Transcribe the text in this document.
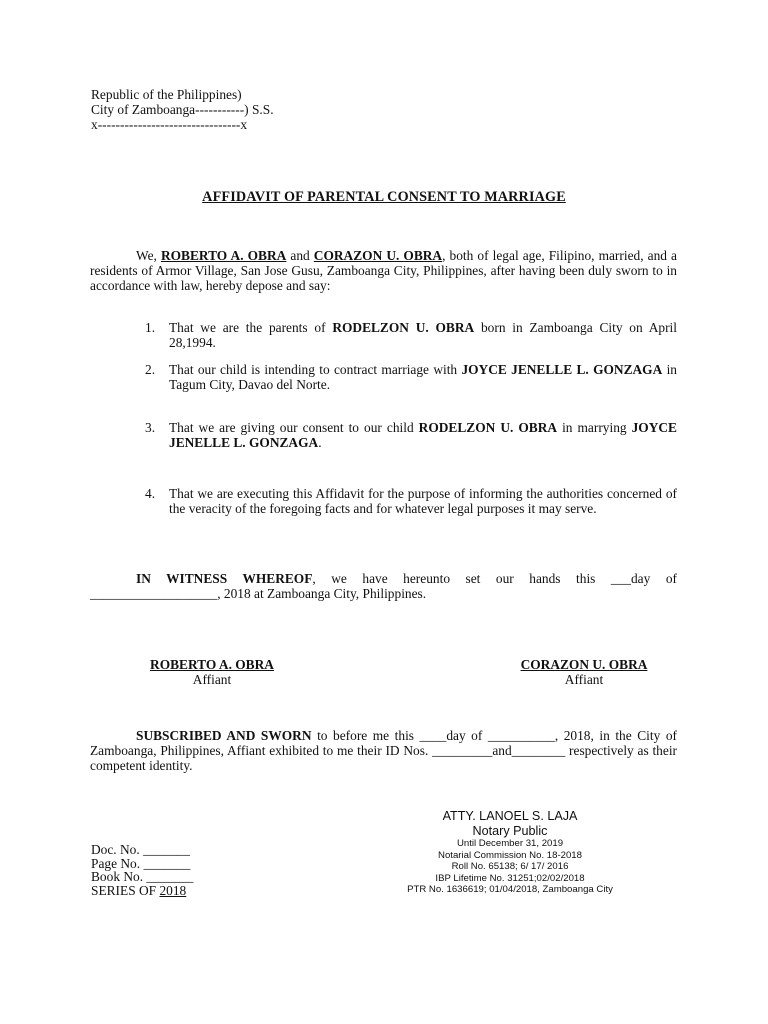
Republic of the Philippines)
City of Zamboanga-----------) S.S.
x--------------------------------x
AFFIDAVIT OF PARENTAL CONSENT TO MARRIAGE
We, ROBERTO A. OBRA and CORAZON U. OBRA, both of legal age, Filipino, married, and a residents of Armor Village, San Jose Gusu, Zamboanga City, Philippines, after having been duly sworn to in accordance with law, hereby depose and say:
1.	That we are the parents of RODELZON U. OBRA born in Zamboanga City on April 28,1994.
2.	That our child is intending to contract marriage with JOYCE JENELLE L. GONZAGA in Tagum City, Davao del Norte.
3.	That we are giving our consent to our child RODELZON U. OBRA in marrying JOYCE JENELLE L. GONZAGA.
4.	That we are executing this Affidavit for the purpose of informing the authorities concerned of the veracity of the foregoing facts and for whatever legal purposes it may serve.
IN WITNESS WHEREOF, we have hereunto set our hands this ___day of ___________________, 2018 at Zamboanga City, Philippines.
ROBERTO A. OBRA
Affiant
CORAZON U. OBRA
Affiant
SUBSCRIBED AND SWORN to before me this ____day of __________, 2018, in the City of Zamboanga, Philippines, Affiant exhibited to me their ID Nos. _________and________ respectively as their competent identity.
ATTY. LANOEL S. LAJA
Notary Public
Until December 31, 2019
Notarial Commission No. 18-2018
Roll No. 65138; 6/ 17/ 2016
IBP Lifetime No. 31251;02/02/2018
PTR No. 1636619; 01/04/2018, Zamboanga City
Doc. No. _______
Page No. _______
Book No. _______
SERIES OF 2018
